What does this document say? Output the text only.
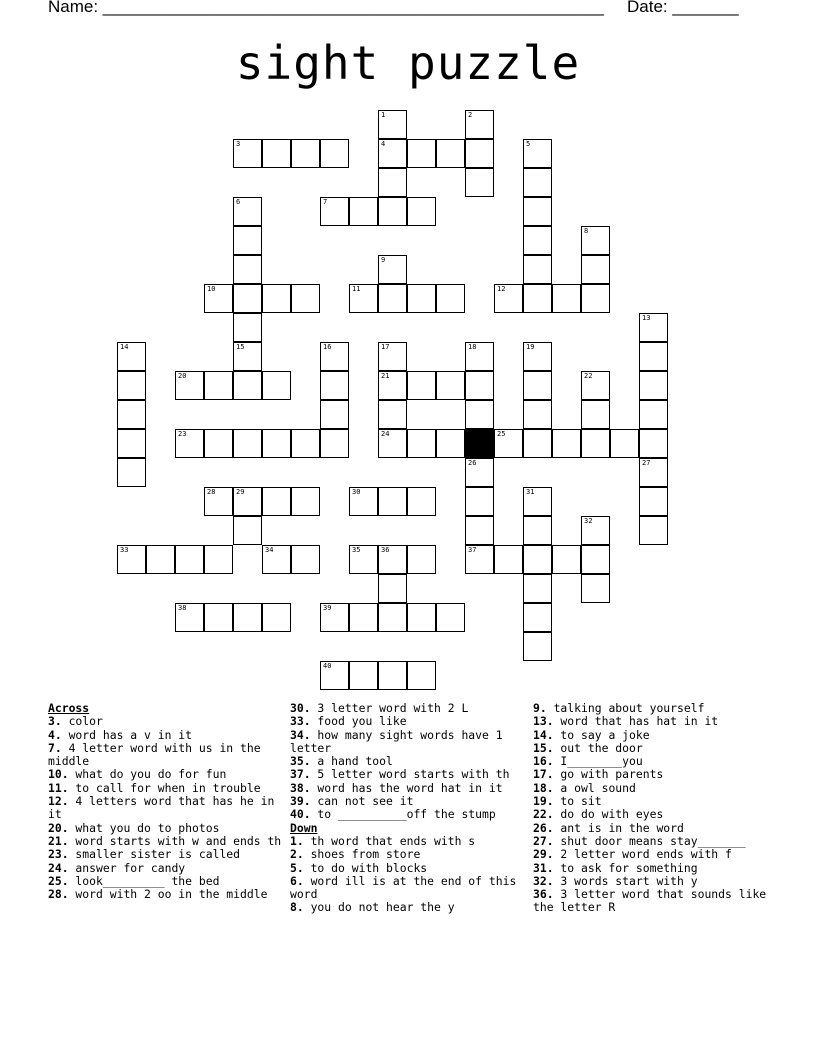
Name: _____________________________________________________ Date: _______
sight puzzle
1
4
2
3	5
6	7
8
9
10	11	12
13
14	15	16	17
21
24
18	19
20	22
23	25
26
37
27
28	29	30	31
32
33	34	35	36
38	39
40
Across
3. color
4. word has a v in it
7. 4 letter word with us in the middle
10. what do you do for fun
11. to call for when in trouble
12. 4 letters word that has he in it
20. what you do to photos
21. word starts with w and ends th
23. smaller sister is called
24. answer for candy
25. look_________ the bed
28. word with 2 oo in the middle
30. 3 letter word with 2 L
33. food you like
34. how many sight words have 1 letter
35. a hand tool
37. 5 letter word starts with th
38. word has the word hat in it
39. can not see it
40. to __________off the stump
Down
1. th word that ends with s
2. shoes from store
5. to do with blocks
6. word ill is at the end of this word
8. you do not hear the y
9. talking about yourself
13. word that has hat in it
14. to say a joke
15. out the door
16. I________you
17. go with parents
18. a owl sound
19. to sit
22. do do with eyes
26. ant is in the word
27. shut door means stay_______
29. 2 letter word ends with f
31. to ask for something
32. 3 words start with y
36. 3 letter word that sounds like the letter R
